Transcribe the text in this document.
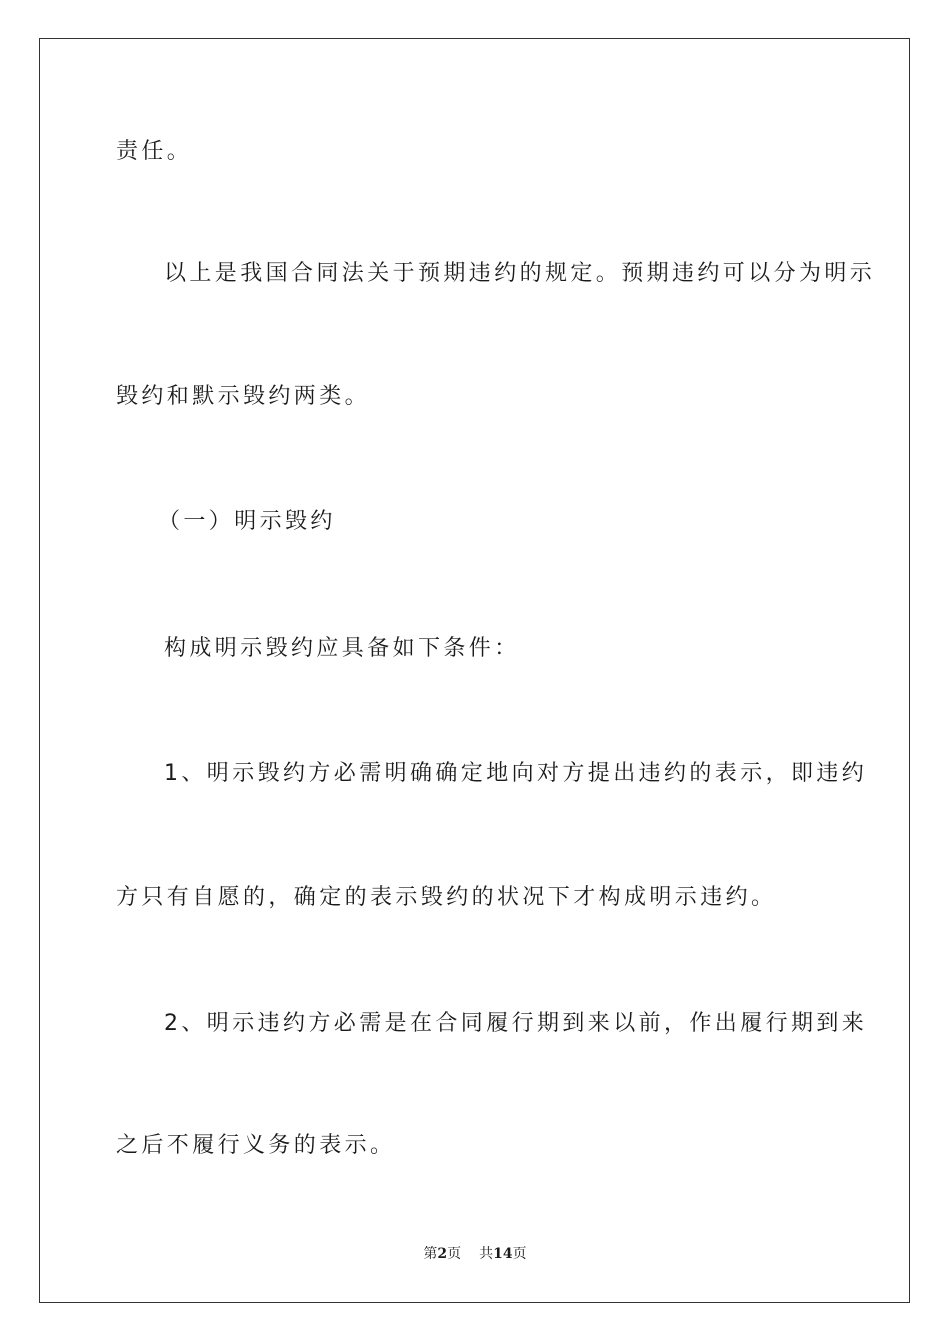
责任。
以上是我国合同法关于预期违约的规定。预期违约可以分为明示
毁约和默示毁约两类。
（一）明示毁约
构成明示毁约应具备如下条件：
1、明示毁约方必需明确确定地向对方提出违约的表示，即违约
方只有自愿的，确定的表示毁约的状况下才构成明示违约。
2、明示违约方必需是在合同履行期到来以前，作出履行期到来
之后不履行义务的表示。
第2页 共14页
